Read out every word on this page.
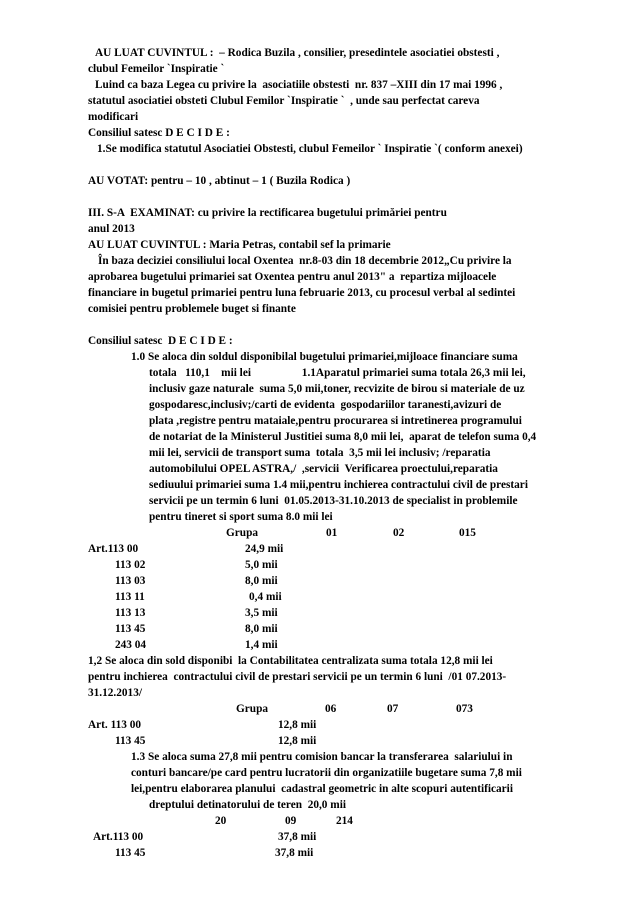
AU LUAT CUVINTUL :  – Rodica Buzila , consilier, presedintele asociatiei obstesti ,
clubul Femeilor `Inspiratie `
Luind ca baza Legea cu privire la  asociatiile obstesti  nr. 837 –XIII din 17 mai 1996 ,
statutul asociatiei obsteti Clubul Femilor `Inspiratie `  , unde sau perfectat careva
modificari
Consiliul satesc D E C I D E :
1.Se modifica statutul Asociatiei Obstesti, clubul Femeilor ` Inspiratie `( conform anexei)
AU VOTAT: pentru – 10 , abtinut – 1 ( Buzila Rodica )
III. S-A  EXAMINAT: cu privire la rectificarea bugetului primăriei pentru
anul 2013
AU LUAT CUVINTUL : Maria Petras, contabil sef la primarie
În baza deciziei consiliului local Oxentea  nr.8-03 din 18 decembrie 2012„Cu privire la
aprobarea bugetului primariei sat Oxentea pentru anul 2013" a  repartiza mijloacele
financiare in bugetul primariei pentru luna februarie 2013, cu procesul verbal al sedintei
comisiei pentru problemele buget si finante
Consiliul satesc  D E C I D E :
1.0 Se aloca din soldul disponibilal bugetului primariei,mijloace financiare suma
totala   110,1    mii lei                  1.1Aparatul primariei suma totala 26,3 mii lei,
inclusiv gaze naturale  suma 5,0 mii,toner, recvizite de birou si materiale de uz
gospodaresc,inclusiv;/carti de evidenta  gospodariilor taranesti,avizuri de
plata ,registre pentru mataiale,pentru procurarea si intretinerea programului
de notariat de la Ministerul Justitiei suma 8,0 mii lei,  aparat de telefon suma 0,4
mii lei, servicii de transport suma  totala  3,5 mii lei inclusiv; /reparatia
automobilului OPEL ASTRA,/  ,servicii  Verificarea proectului,reparatia
sediuului primariei suma 1.4 mii,pentru inchierea contractului civil de prestari
servicii pe un termin 6 luni  01.05.2013-31.10.2013 de specialist in problemile
pentru tineret si sport suma 8.0 mii lei
Grupa	01	02	015
Art.113 00	24,9 mii
113 02	5,0 mii
113 03	8,0 mii
113 11	0,4 mii
113 13	3,5 mii
113 45	8,0 mii
243 04	1,4 mii
1,2 Se aloca din sold disponibi  la Contabilitatea centralizata suma totala 12,8 mii lei
pentru inchierea  contractului civil de prestari servicii pe un termin 6 luni  /01 07.2013-
31.12.2013/
Grupa	06	07	073
Art. 113 00	12,8 mii
113 45	12,8 mii
1.3 Se aloca suma 27,8 mii pentru comision bancar la transferarea  salariului in
conturi bancare/pe card pentru lucratorii din organizatiile bugetare suma 7,8 mii
lei,pentru elaborarea planului  cadastral geometric in alte scopuri autentificarii
dreptului detinatorului de teren  20,0 mii
20	09	214
Art.113 00	37,8 mii
113 45	37,8 mii
